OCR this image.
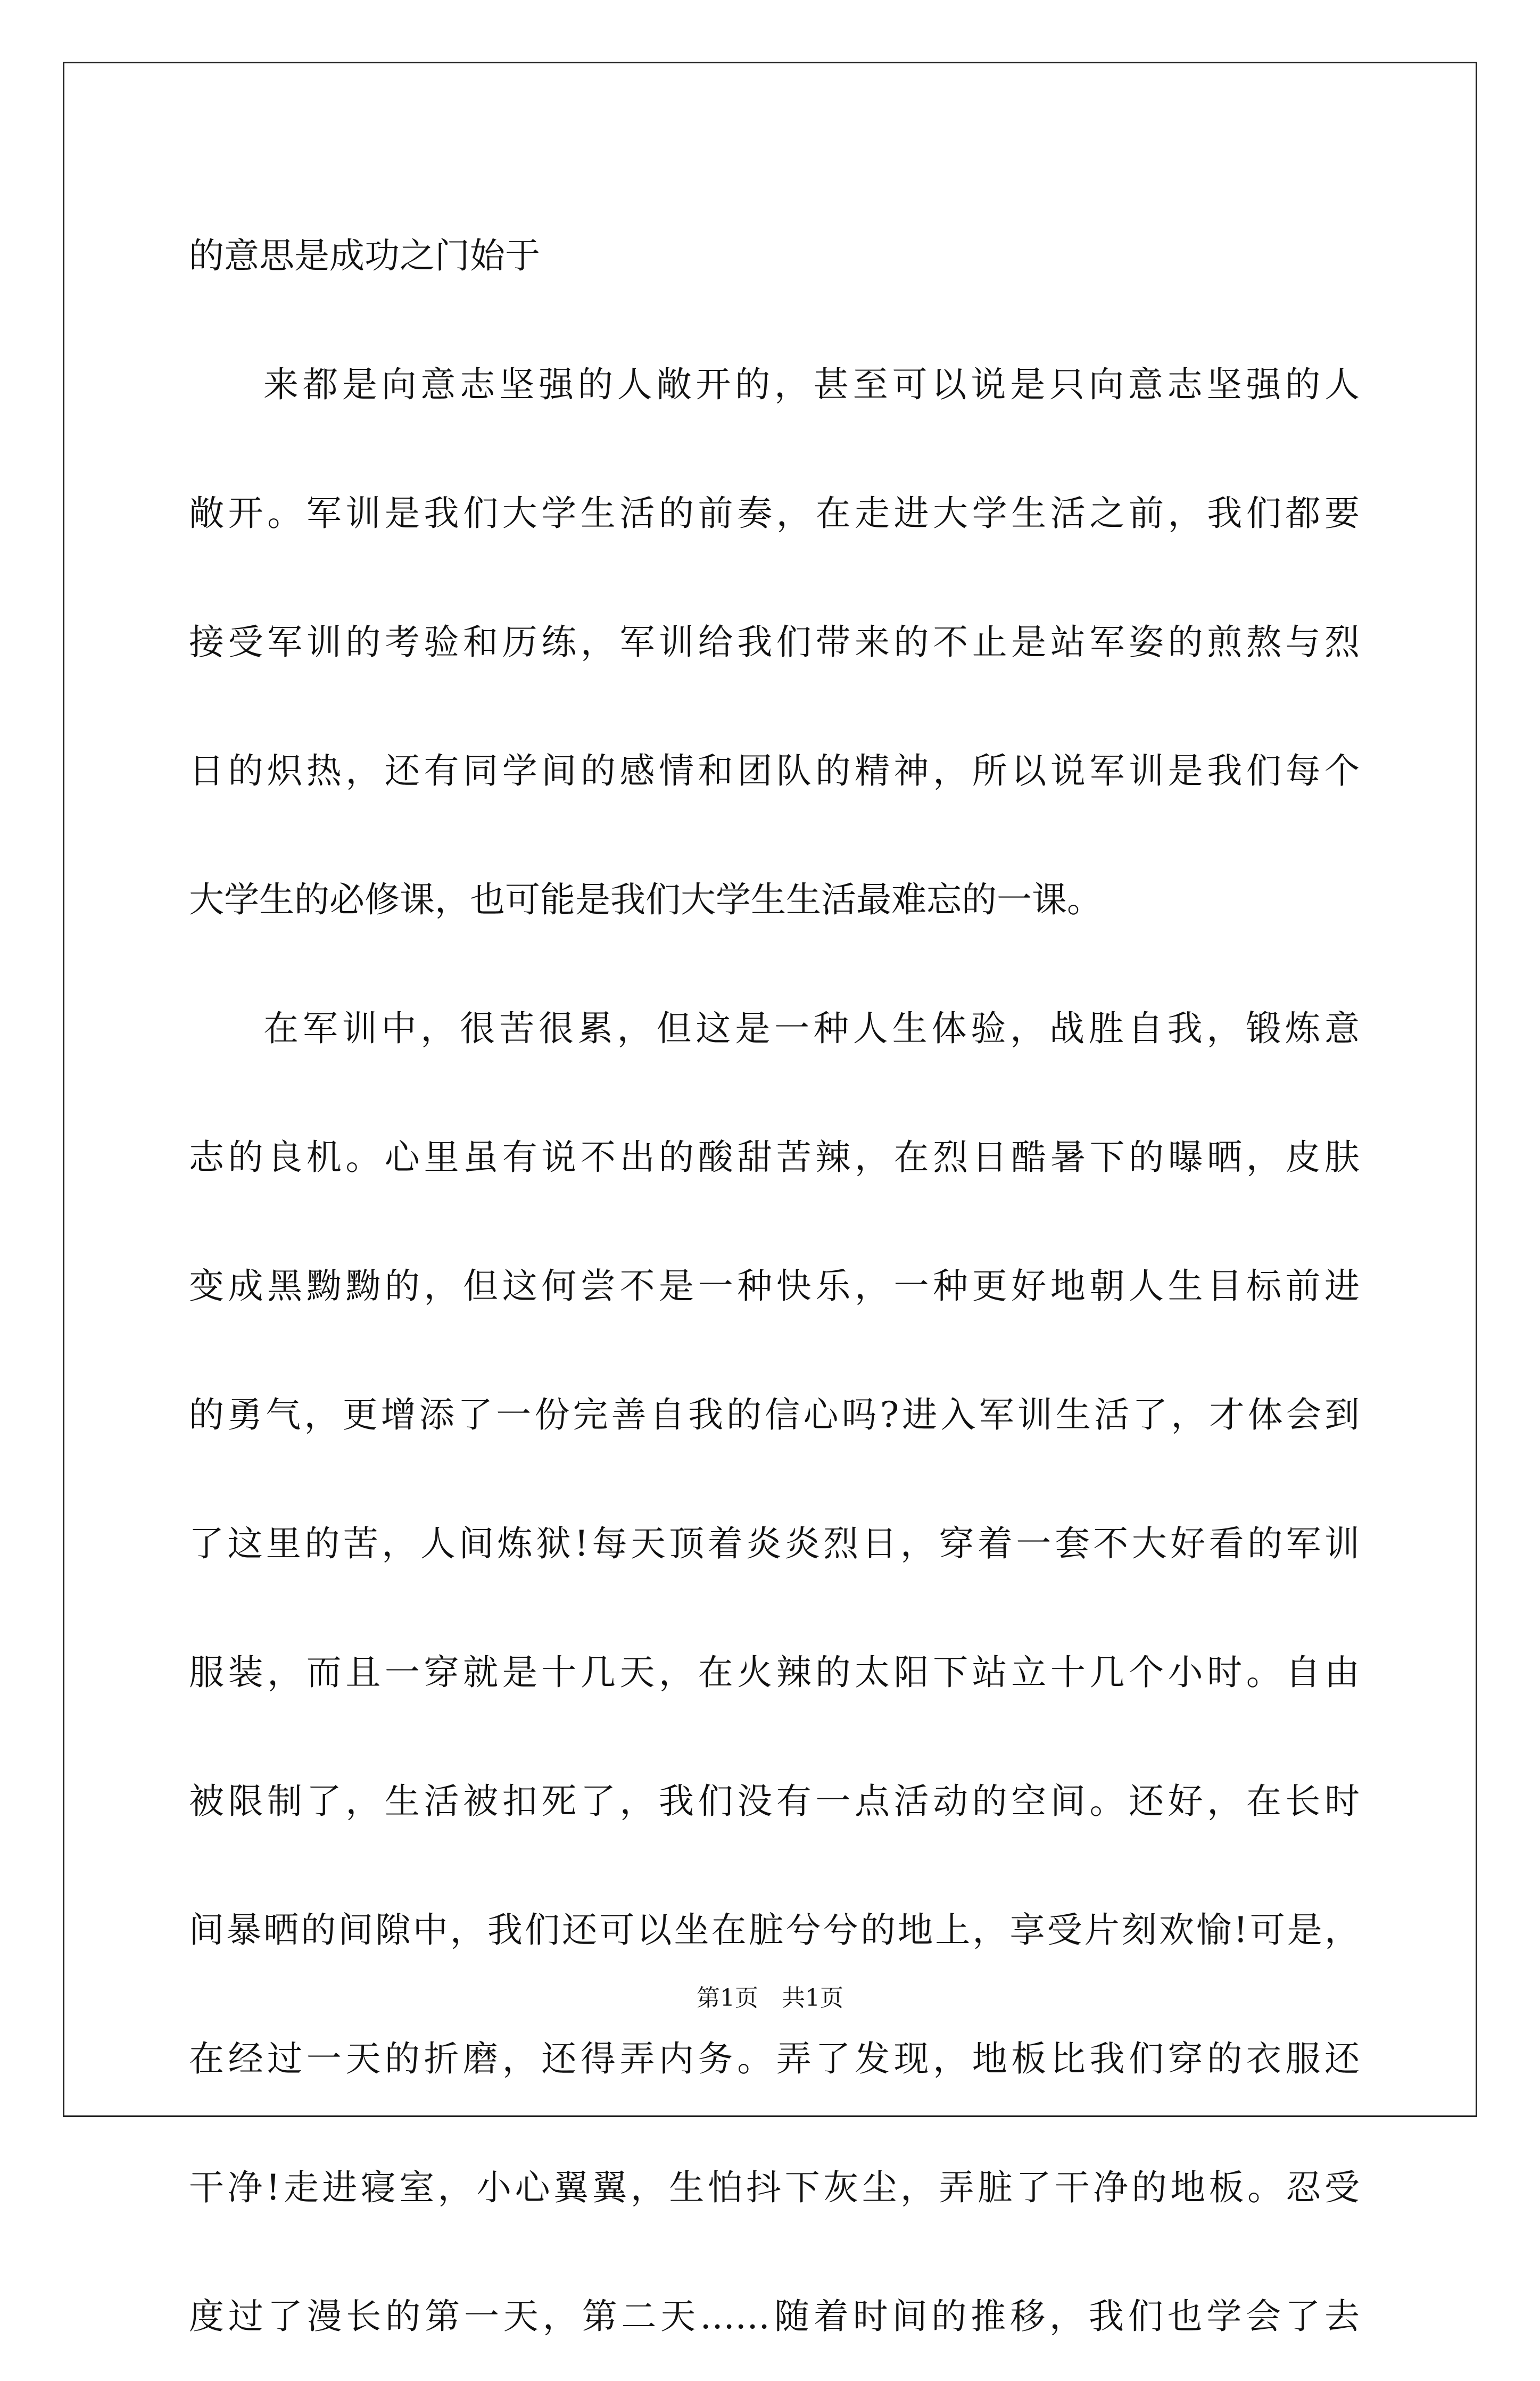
的意思是成功之门始于
来都是向意志坚强的人敞开的，甚至可以说是只向意志坚强的人
敞开。军训是我们大学生活的前奏，在走进大学生活之前，我们都要
接受军训的考验和历练，军训给我们带来的不止是站军姿的煎熬与烈
日的炽热，还有同学间的感情和团队的精神，所以说军训是我们每个
大学生的必修课，也可能是我们大学生生活最难忘的一课。
在军训中，很苦很累，但这是一种人生体验，战胜自我，锻炼意
志的良机。心里虽有说不出的酸甜苦辣，在烈日酷暑下的曝晒，皮肤
变成黑黝黝的，但这何尝不是一种快乐，一种更好地朝人生目标前进
的勇气，更增添了一份完善自我的信心吗?进入军训生活了，才体会到
了这里的苦，人间炼狱!每天顶着炎炎烈日，穿着一套不大好看的军训
服装，而且一穿就是十几天，在火辣的太阳下站立十几个小时。自由
被限制了，生活被扣死了，我们没有一点活动的空间。还好，在长时
间暴晒的间隙中，我们还可以坐在脏兮兮的地上，享受片刻欢愉!可是，
在经过一天的折磨，还得弄内务。弄了发现，地板比我们穿的衣服还
干净!走进寝室，小心翼翼，生怕抖下灰尘，弄脏了干净的地板。忍受
度过了漫长的第一天，第二天……随着时间的推移，我们也学会了去
第1页　共1页
